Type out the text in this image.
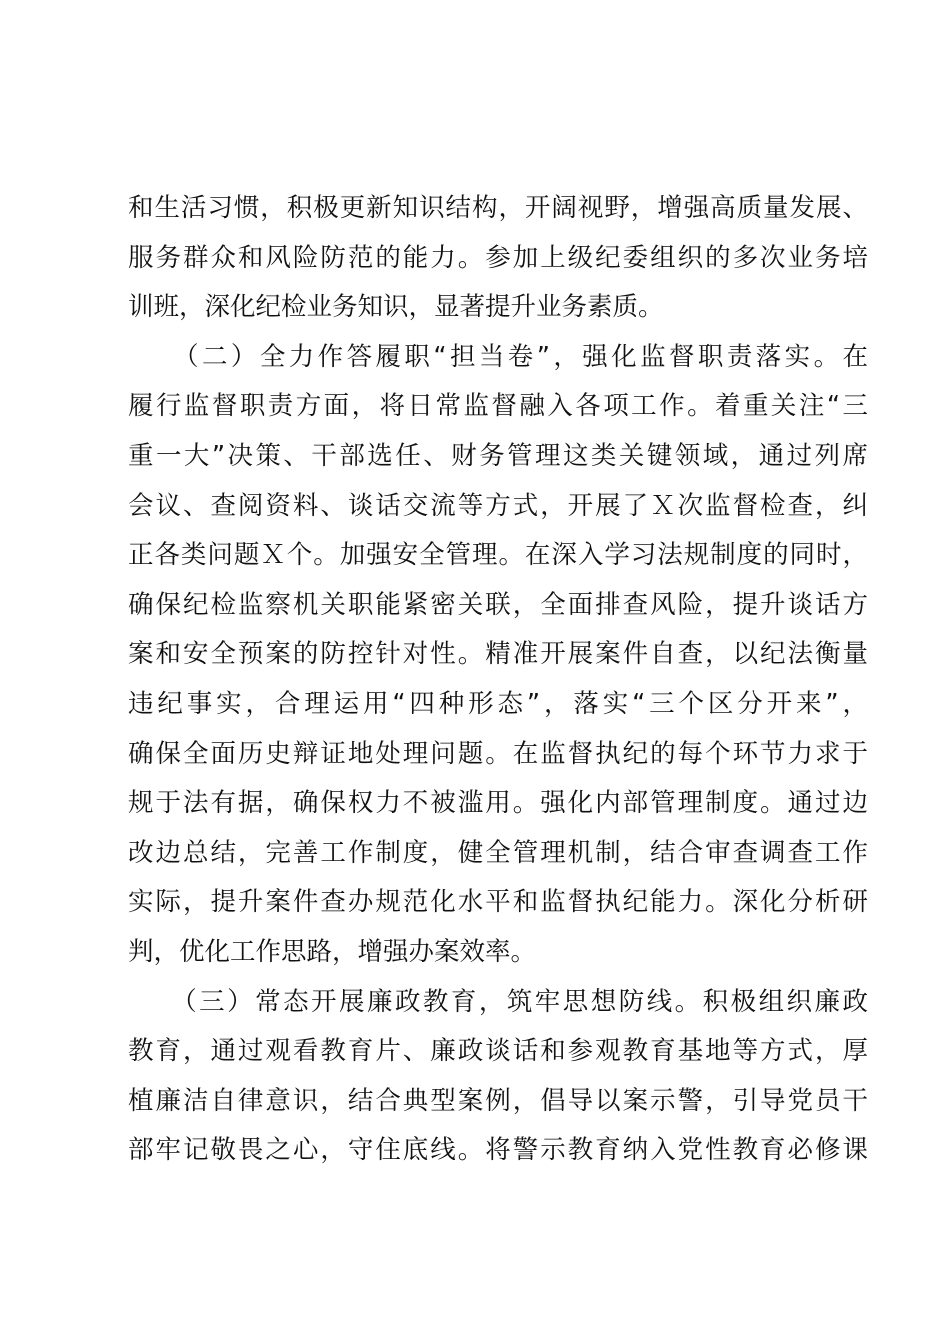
和生活习惯，积极更新知识结构，开阔视野，增强高质量发展、
服务群众和风险防范的能力。参加上级纪委组织的多次业务培
训班，深化纪检业务知识，显著提升业务素质。
　　（二）全力作答履职“担当卷”，强化监督职责落实。在
履行监督职责方面，将日常监督融入各项工作。着重关注“三
重一大”决策、干部选任、财务管理这类关键领域，通过列席
会议、查阅资料、谈话交流等方式，开展了Ｘ次监督检查，纠
正各类问题Ｘ个。加强安全管理。在深入学习法规制度的同时，
确保纪检监察机关职能紧密关联，全面排查风险，提升谈话方
案和安全预案的防控针对性。精准开展案件自查，以纪法衡量
违纪事实，合理运用“四种形态”，落实“三个区分开来”，
确保全面历史辩证地处理问题。在监督执纪的每个环节力求于
规于法有据，确保权力不被滥用。强化内部管理制度。通过边
改边总结，完善工作制度，健全管理机制，结合审查调查工作
实际，提升案件查办规范化水平和监督执纪能力。深化分析研
判，优化工作思路，增强办案效率。
　　（三）常态开展廉政教育，筑牢思想防线。积极组织廉政
教育，通过观看教育片、廉政谈话和参观教育基地等方式，厚
植廉洁自律意识，结合典型案例，倡导以案示警，引导党员干
部牢记敬畏之心，守住底线。将警示教育纳入党性教育必修课
